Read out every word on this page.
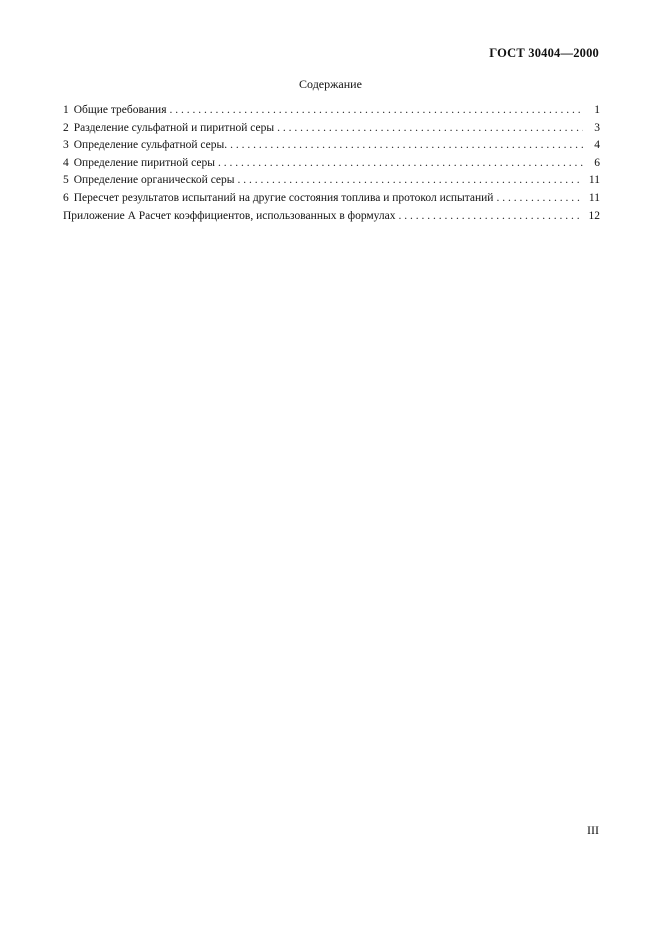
ГОСТ 30404—2000
Содержание
1 Общие требования . . .	1
2 Разделение сульфатной и пиритной серы . . .	3
3 Определение сульфатной серы. . . .	4
4 Определение пиритной серы . . .	6
5 Определение органической серы . . .	11
6 Пересчет результатов испытаний на другие состояния топлива и протокол испытаний . . .	11
Приложение А Расчет коэффициентов, использованных в формулах . . .	12
III
